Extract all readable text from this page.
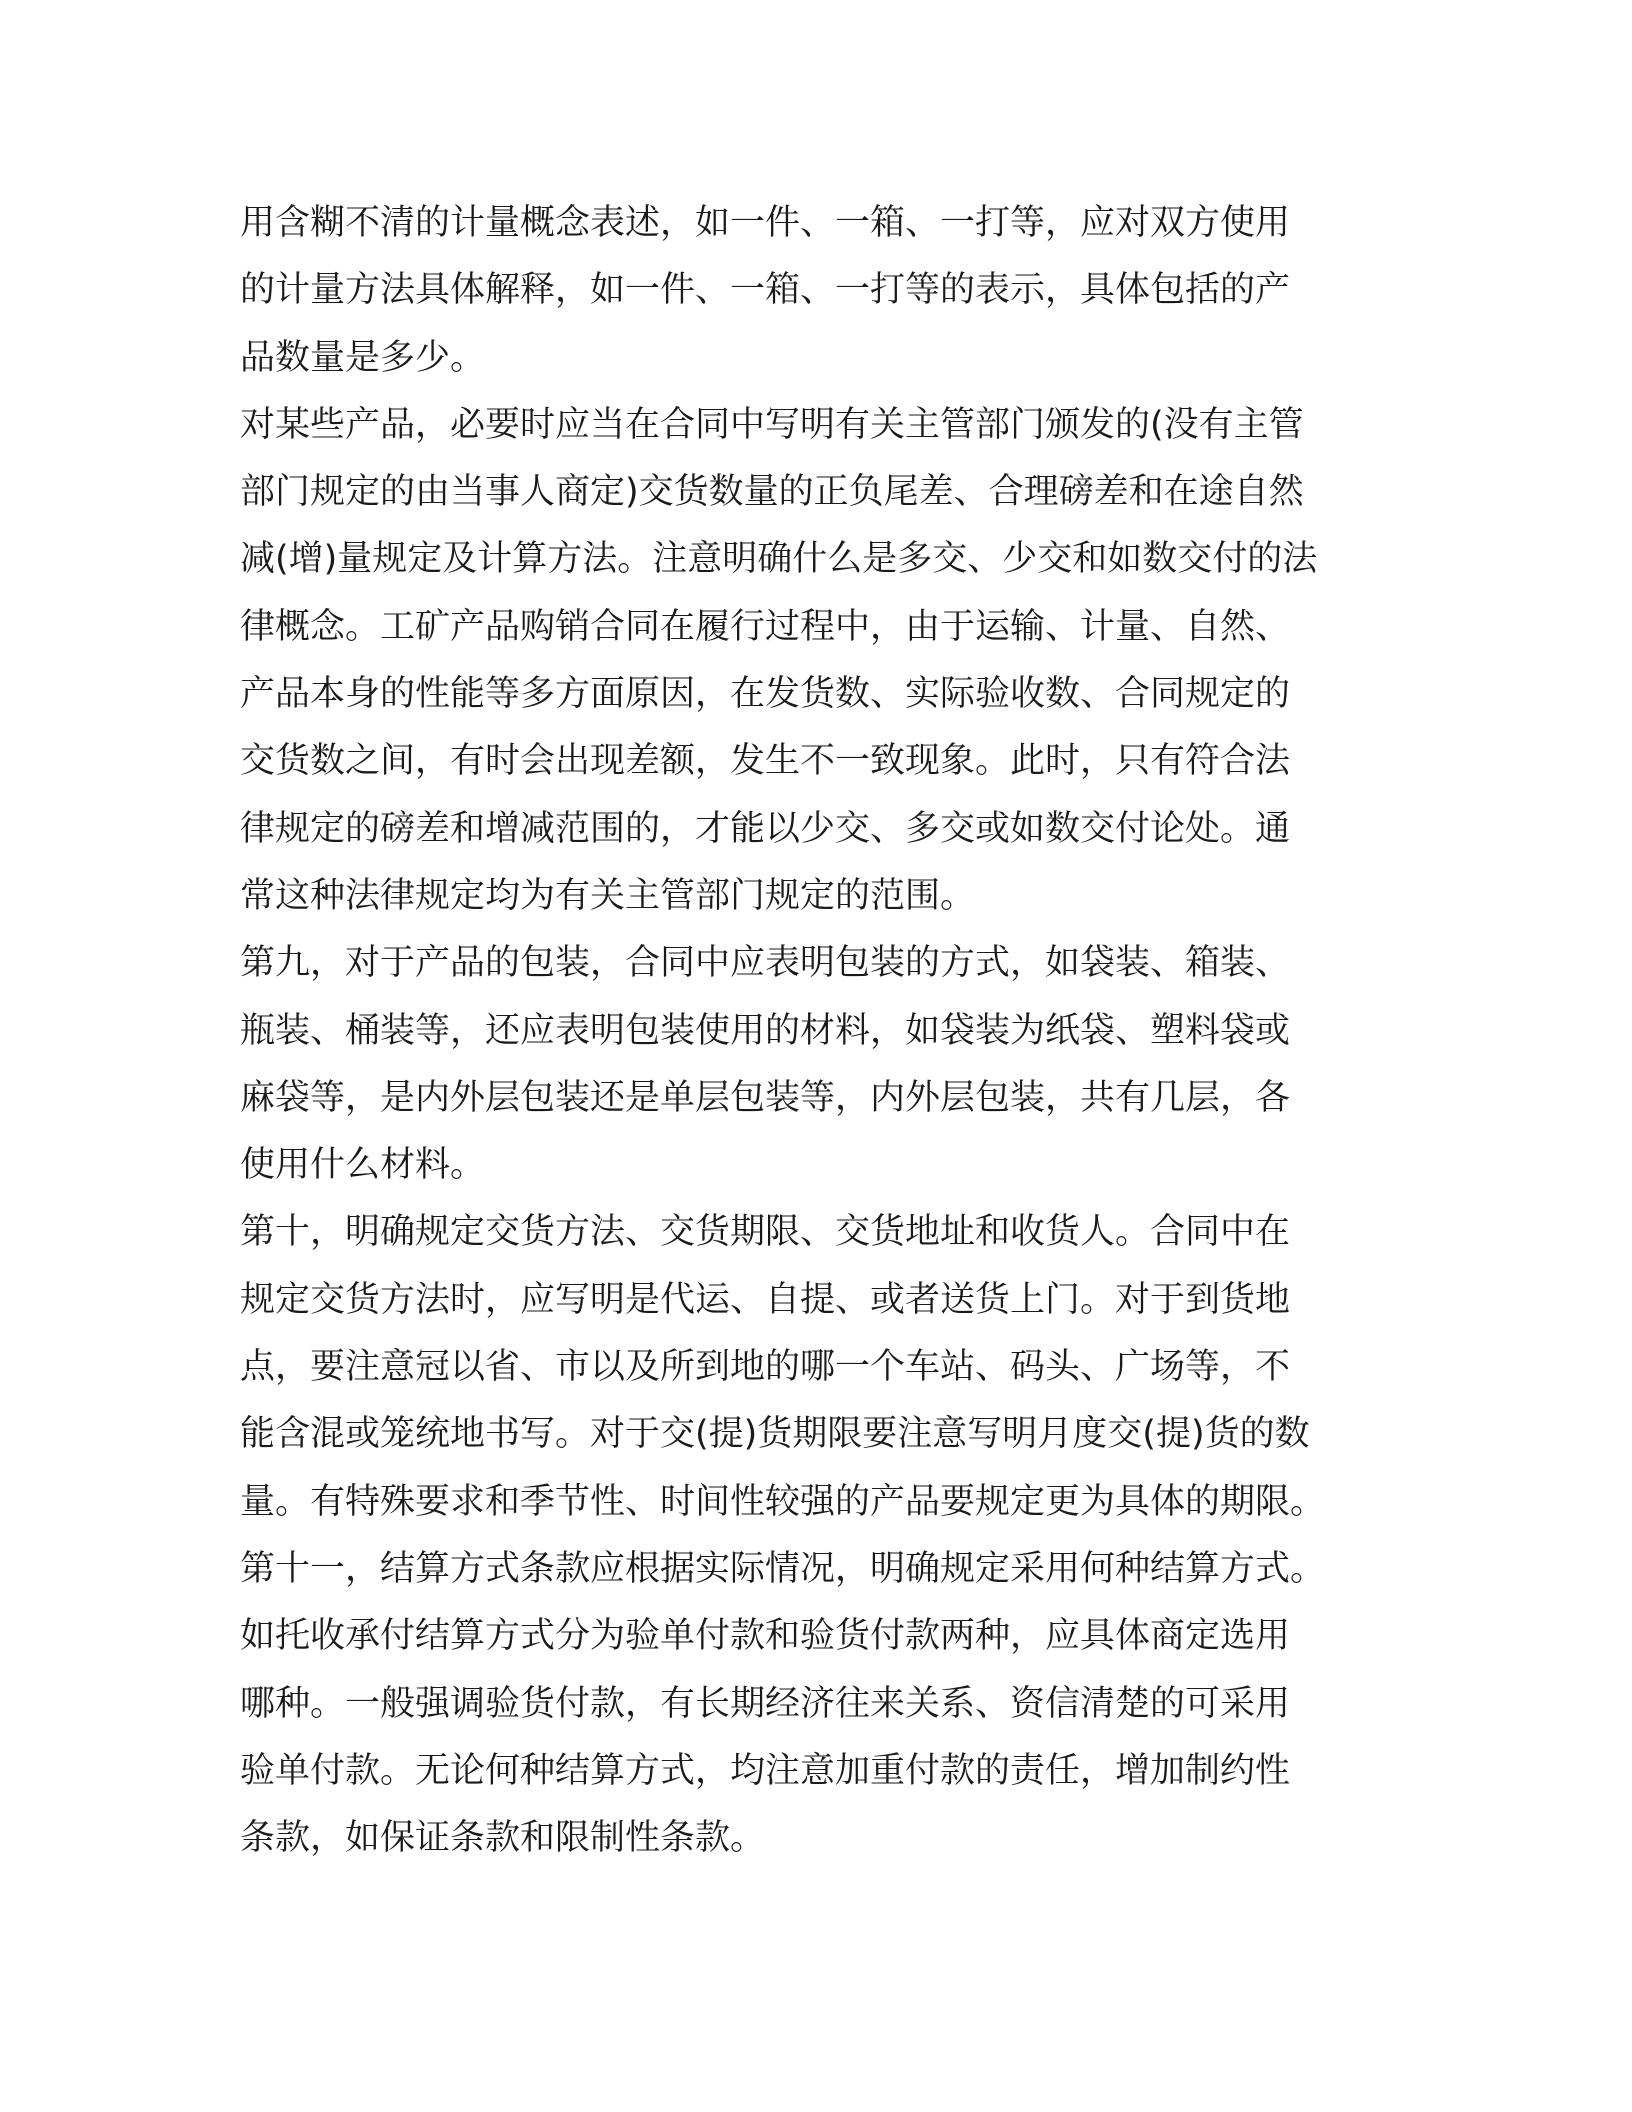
用含糊不清的计量概念表述，如一件、一箱、一打等，应对双方使用
的计量方法具体解释，如一件、一箱、一打等的表示，具体包括的产
品数量是多少。
对某些产品，必要时应当在合同中写明有关主管部门颁发的(没有主管
部门规定的由当事人商定)交货数量的正负尾差、合理磅差和在途自然
减(增)量规定及计算方法。注意明确什么是多交、少交和如数交付的法
律概念。工矿产品购销合同在履行过程中，由于运输、计量、自然、
产品本身的性能等多方面原因，在发货数、实际验收数、合同规定的
交货数之间，有时会出现差额，发生不一致现象。此时，只有符合法
律规定的磅差和增减范围的，才能以少交、多交或如数交付论处。通
常这种法律规定均为有关主管部门规定的范围。
第九，对于产品的包装，合同中应表明包装的方式，如袋装、箱装、
瓶装、桶装等，还应表明包装使用的材料，如袋装为纸袋、塑料袋或
麻袋等，是内外层包装还是单层包装等，内外层包装，共有几层，各
使用什么材料。
第十，明确规定交货方法、交货期限、交货地址和收货人。合同中在
规定交货方法时，应写明是代运、自提、或者送货上门。对于到货地
点，要注意冠以省、市以及所到地的哪一个车站、码头、广场等，不
能含混或笼统地书写。对于交(提)货期限要注意写明月度交(提)货的数
量。有特殊要求和季节性、时间性较强的产品要规定更为具体的期限。
第十一，结算方式条款应根据实际情况，明确规定采用何种结算方式。
如托收承付结算方式分为验单付款和验货付款两种，应具体商定选用
哪种。一般强调验货付款，有长期经济往来关系、资信清楚的可采用
验单付款。无论何种结算方式，均注意加重付款的责任，增加制约性
条款，如保证条款和限制性条款。
